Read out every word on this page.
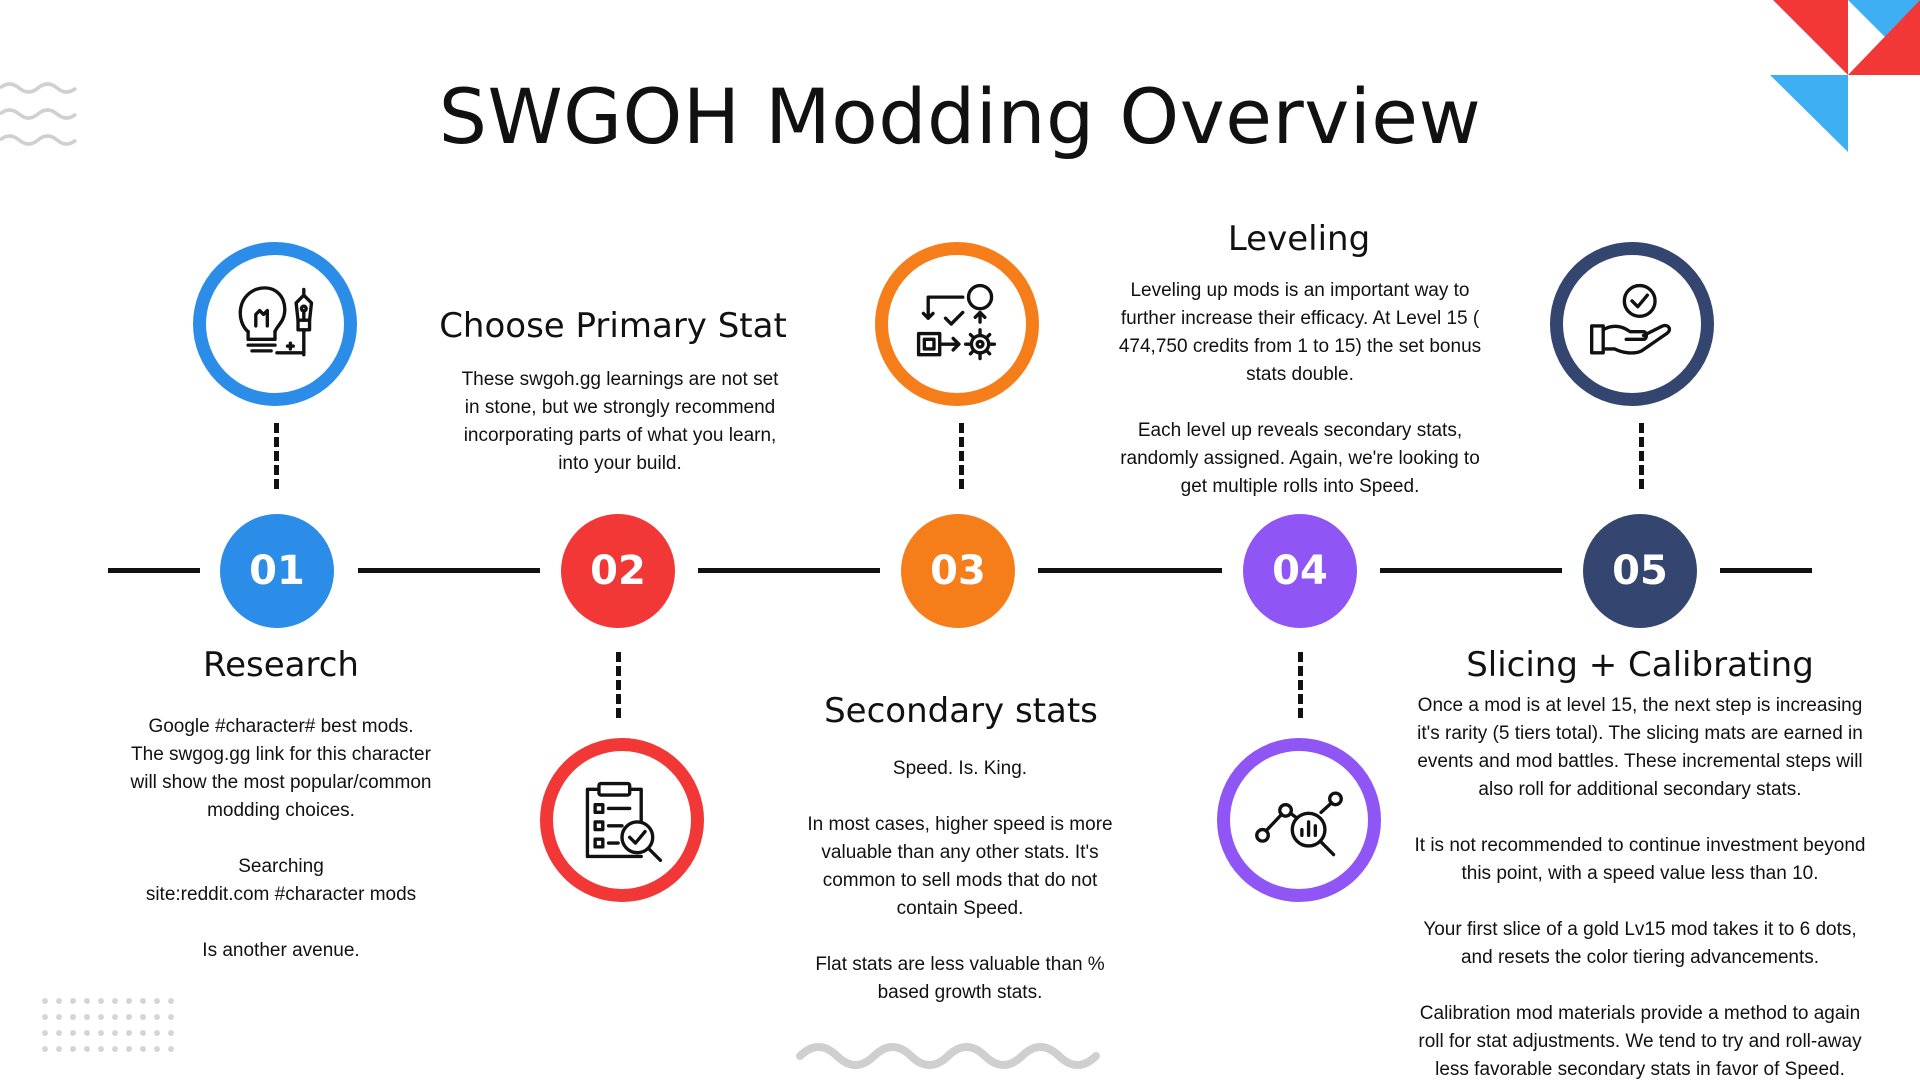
SWGOH Modding Overview
01	02	03	04	05
Research
Choose Primary Stat
Secondary stats
Leveling
Slicing + Calibrating

Google #character# best mods.
The swgog.gg link for this character
will show the most popular/common
modding choices.

Searching
site:reddit.com #character mods

Is another avenue.

These swgoh.gg learnings are not set
in stone, but we strongly recommend
incorporating parts of what you learn,
into your build.

Speed. Is. King.

In most cases, higher speed is more
valuable than any other stats. It's
common to sell mods that do not
contain Speed.

Flat stats are less valuable than %
based growth stats.

Leveling up mods is an important way to
further increase their efficacy. At Level 15 (
474,750 credits from 1 to 15) the set bonus
stats double.

Each level up reveals secondary stats,
randomly assigned. Again, we're looking to
get multiple rolls into Speed.

Once a mod is at level 15, the next step is increasing
it's rarity (5 tiers total). The slicing mats are earned in
events and mod battles. These incremental steps will
also roll for additional secondary stats.

It is not recommended to continue investment beyond
this point, with a speed value less than 10.

Your first slice of a gold Lv15 mod takes it to 6 dots,
and resets the color tiering advancements.

Calibration mod materials provide a method to again
roll for stat adjustments. We tend to try and roll-away
less favorable secondary stats in favor of Speed.
